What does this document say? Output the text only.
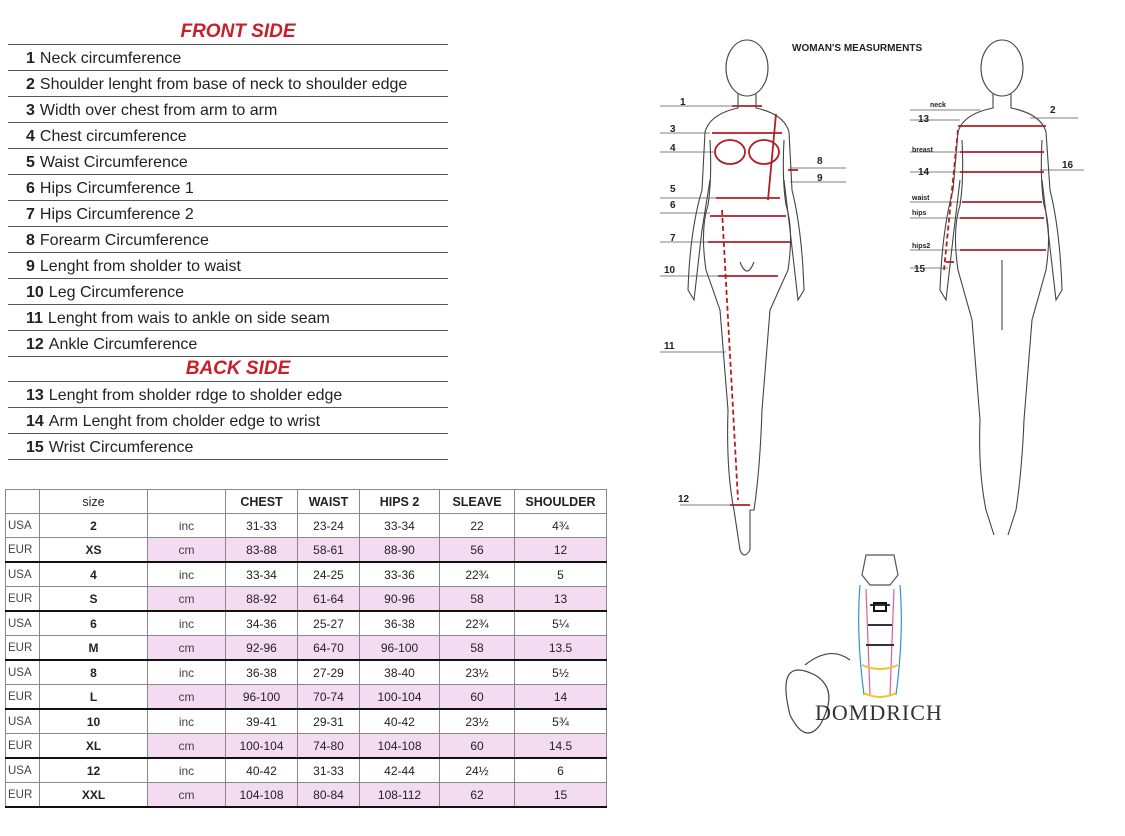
FRONT SIDE
1 Neck circumference
2 Shoulder lenght from base of neck to shoulder edge
3 Width over chest from arm to arm
4 Chest circumference
5 Waist Circumference
6 Hips Circumference 1
7 Hips Circumference 2
8 Forearm Circumference
9 Lenght from sholder to waist
10 Leg Circumference
11 Lenght from wais to ankle on side seam
12 Ankle Circumference
BACK SIDE
13 Lenght from sholder rdge to sholder edge
14 Arm Lenght from cholder edge to wrist
15 Wrist Circumference
	size		CHEST	WAIST	HIPS 2	SLEAVE	SHOULDER
USA	2	inc	31-33	23-24	33-34	22	4¾
EUR	XS	cm	83-88	58-61	88-90	56	12
USA	4	inc	33-34	24-25	33-36	22¾	5
EUR	S	cm	88-92	61-64	90-96	58	13
USA	6	inc	34-36	25-27	36-38	22¾	5¼
EUR	M	cm	92-96	64-70	96-100	58	13.5
USA	8	inc	36-38	27-29	38-40	23½	5½
EUR	L	cm	96-100	70-74	100-104	60	14
USA	10	inc	39-41	29-31	40-42	23½	5¾
EUR	XL	cm	100-104	74-80	104-108	60	14.5
USA	12	inc	40-42	31-33	42-44	24½	6
EUR	XXL	cm	104-108	80-84	108-112	62	15
WOMAN'S MEASURMENTS
1
3
4
8
9
5
6
7
10
11
12
neck	2
13
breast
16
14
waist
hips
hips2
15
DOMDRICH
